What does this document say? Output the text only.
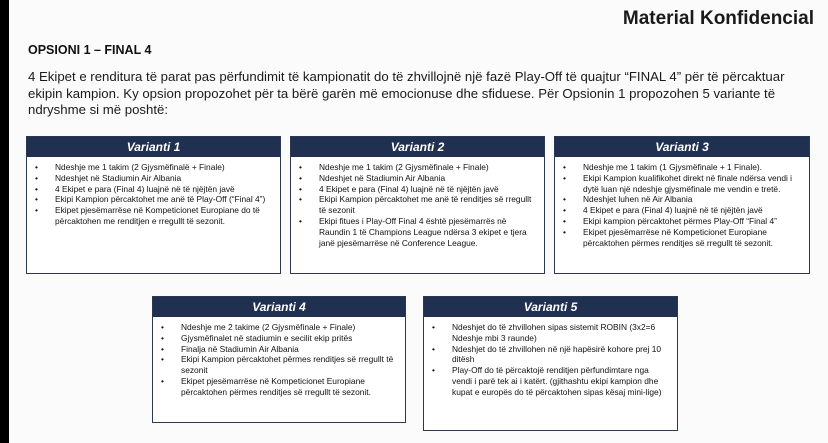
Material Konfidencial
OPSIONI 1 – FINAL 4

4 Ekipet e renditura të parat pas përfundimit të kampionatit do të zhvillojnë një fazë Play-Off të quajtur “FINAL 4” për të përcaktuar ekipin kampion. Ky opsion propozohet për ta bërë garën më emocionuse dhe sfiduese. Për Opsionin 1 propozohen 5 variante të ndryshme si më poshtë:

Varianti 1
• Ndeshje me 1 takim (2 Gjysmëfinalë + Finale)
• Ndeshjet në Stadiumin Air Albania
• 4 Ekipet e para (Final 4) luajnë në të njëjtën javë
• Ekipi Kampion përcaktohet me anë të Play-Off (“Final 4”)
• Ekipet pjesëmarrëse në Kompeticionet Europiane do të përcaktohen me renditjen e rregullt të sezonit.
Varianti 2
• Ndeshje me 1 takim (2 Gjysmëfinale + Finale)
• Ndeshjet në Stadiumin Air Albania
• 4 Ekipet e para (Final 4) luajnë në të njëjtën javë
• Ekipi Kampion përcaktohet me anë të renditjes së rregullt të sezonit
• Ekipi fitues i Play-Off Final 4 është pjesëmarrës në Raundin 1 të Champions League ndërsa 3 ekipet e tjera janë pjesëmarrëse në Conference League.
Varianti 3
• Ndeshje me 1 takim (1 Gjysmëfinale + 1 Finale).
• Ekipi Kampion kualifikohet direkt në finale ndërsa vendi i dytë luan një ndeshje gjysmëfinale me vendin e tretë.
• Ndeshjet luhen në Air Albania
• 4 Ekipet e para (Final 4) luajnë në të njëjtën javë
• Ekipi kampion përcaktohet përmes Play-Off “Final 4”
• Ekipet pjesëmarrëse në Kompeticionet Europiane përcaktohen përmes renditjes së rregullt të sezonit.
Varianti 4
• Ndeshje me 2 takime (2 Gjysmëfinale + Finale)
• Gjysmëfinalet në stadiumin e secilit ekip pritës
• Finalja në Stadiumin Air Albania
• Ekipi Kampion përcaktohet përmes renditjes së rregullt të sezonit
• Ekipet pjesëmarrëse në Kompeticionet Europiane përcaktohen përmes renditjes së rregullt të sezonit.
Varianti 5
• Ndeshjet do të zhvillohen sipas sistemit ROBIN (3x2=6 Ndeshje mbi 3 raunde)
• Ndeshjet do të zhvillohen në një hapësirë kohore prej 10 ditësh
• Play-Off do të përcaktojë renditjen përfundimtare nga vendi i parë tek ai i katërt. (gjithashtu ekipi kampion dhe kupat e europës do të përcaktohen sipas kësaj mini-lige)
